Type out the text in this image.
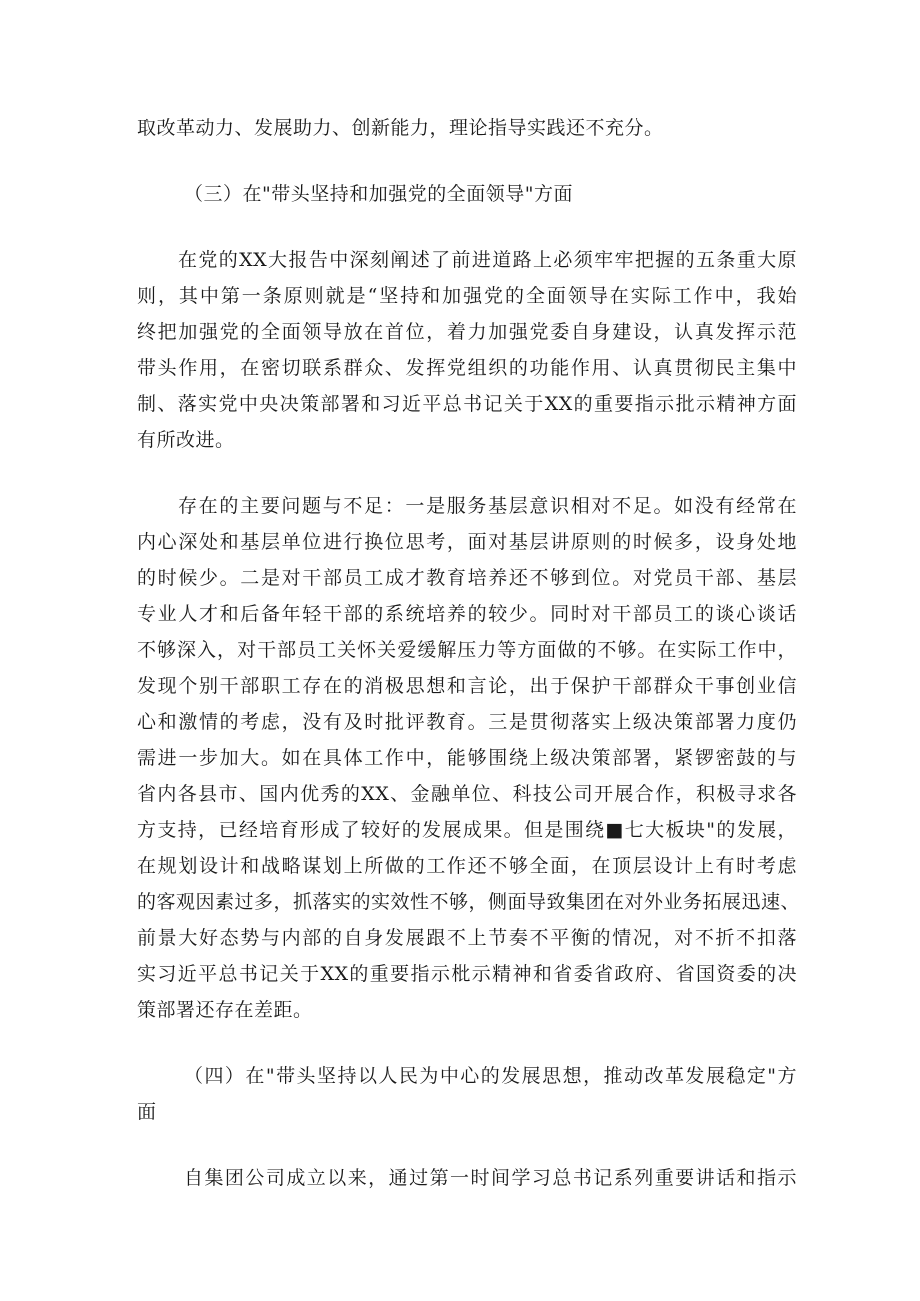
取改革动力、发展助力、创新能力，理论指导实践还不充分。
（三）在"带头坚持和加强党的全面领导"方面
在党的XX大报告中深刻阐述了前进道路上必须牢牢把握的五条重大原
则，其中第一条原则就是“坚持和加强党的全面领导在实际工作中，我始
终把加强党的全面领导放在首位，着力加强党委自身建设，认真发挥示范
带头作用，在密切联系群众、发挥党组织的功能作用、认真贯彻民主集中
制、落实党中央决策部署和习近平总书记关于XX的重要指示批示精神方面
有所改进。
存在的主要问题与不足：一是服务基层意识相对不足。如没有经常在
内心深处和基层单位进行换位思考，面对基层讲原则的时候多，设身处地
的时候少。二是对干部员工成才教育培养还不够到位。对党员干部、基层
专业人才和后备年轻干部的系统培养的较少。同时对干部员工的谈心谈话
不够深入，对干部员工关怀关爱缓解压力等方面做的不够。在实际工作中，
发现个别干部职工存在的消极思想和言论，出于保护干部群众干事创业信
心和激情的考虑，没有及时批评教育。三是贯彻落实上级决策部署力度仍
需进一步加大。如在具体工作中，能够围绕上级决策部署，紧锣密鼓的与
省内各县市、国内优秀的XX、金融单位、科技公司开展合作，积极寻求各
方支持，已经培育形成了较好的发展成果。但是围绕■七大板块"的发展，
在规划设计和战略谋划上所做的工作还不够全面，在顶层设计上有时考虑
的客观因素过多，抓落实的实效性不够，侧面导致集团在对外业务拓展迅速、
前景大好态势与内部的自身发展跟不上节奏不平衡的情况，对不折不扣落
实习近平总书记关于XX的重要指示枇示精神和省委省政府、省国资委的决
策部署还存在差距。
（四）在"带头坚持以人民为中心的发展思想，推动改革发展稳定"方
面
自集团公司成立以来，通过第一时间学习总书记系列重要讲话和指示
